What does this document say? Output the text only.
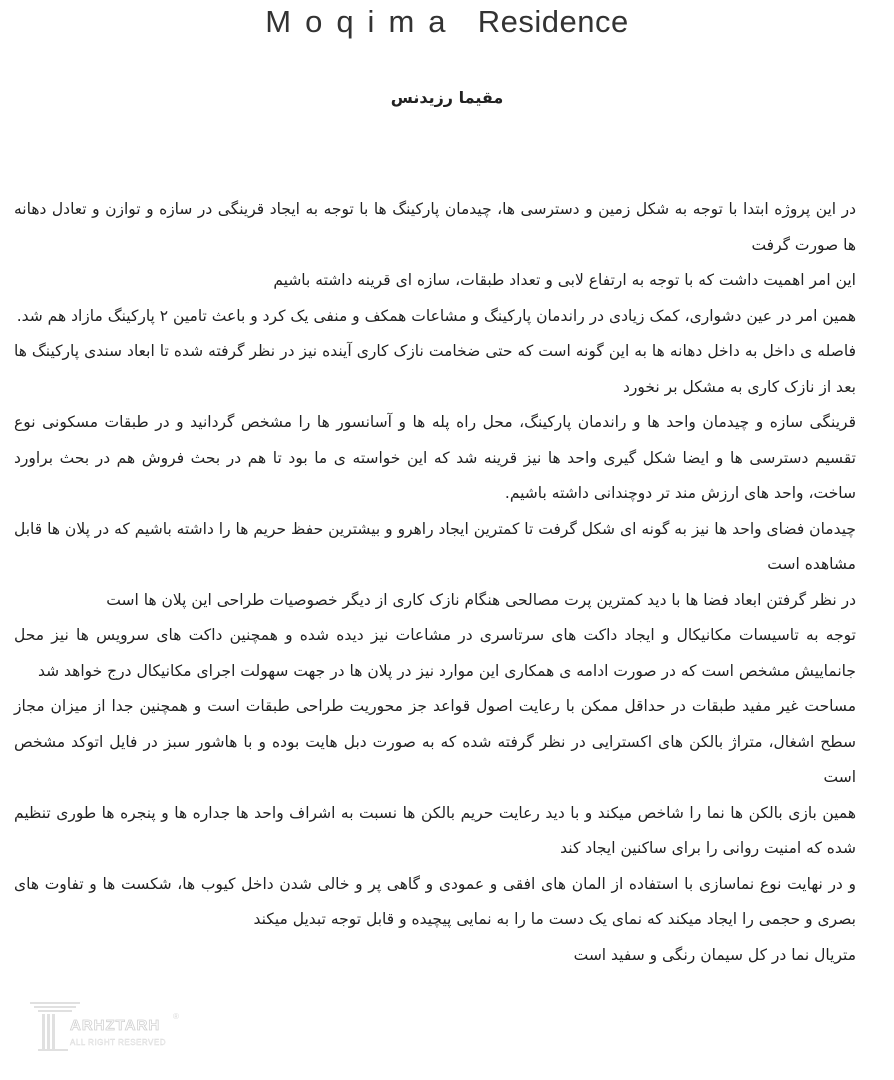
Moqima Residence
مقیما رزیدنس

در این پروژه ابتدا با توجه به شکل زمین و دسترسی ها، چیدمان پارکینگ ها با توجه به ایجاد قرینگی در سازه و توازن و تعادل دهانه ها صورت گرفت

این امر اهمیت داشت که با توجه به ارتفاع لابی و تعداد طبقات، سازه ای قرینه داشته باشیم

همین امر در عین دشواری، کمک زیادی در راندمان پارکینگ و مشاعات همکف و منفی یک کرد و باعث تامین ۲ پارکینگ مازاد هم شد.

فاصله ی داخل به داخل دهانه ها به این گونه است که حتی ضخامت نازک کاری آینده نیز در نظر گرفته شده تا ابعاد سندی پارکینگ ها بعد از نازک کاری به مشکل بر نخورد

قرینگی سازه و چیدمان واحد ها و راندمان پارکینگ، محل راه پله ها و آسانسور ها را مشخص گردانید و در طبقات مسکونی نوع تقسیم دسترسی ها و ایضا شکل گیری واحد ها نیز قرینه شد که این خواسته ی ما بود تا هم در بحث فروش هم در بحث براورد ساخت، واحد های ارزش مند تر دوچندانی داشته باشیم.

چیدمان فضای واحد ها نیز به گونه ای شکل گرفت تا کمترین ایجاد راهرو و بیشترین حفظ حریم ها را داشته باشیم که در پلان ها قابل مشاهده است

در نظر گرفتن ابعاد فضا ها با دید کمترین پرت مصالحی هنگام نازک کاری از دیگر خصوصیات طراحی این پلان ها است

توجه به تاسیسات مکانیکال و ایجاد داکت های سرتاسری در مشاعات نیز دیده شده و همچنین داکت های سرویس ها نیز محل جانماییش مشخص است که در صورت ادامه ی همکاری این موارد نیز در پلان ها در جهت سهولت اجرای مکانیکال درج خواهد شد

مساحت غیر مفید طبقات در حداقل ممکن با رعایت اصول قواعد جز محوریت طراحی طبقات است و همچنین جدا از میزان مجاز سطح اشغال، متراژ بالکن های اکسترایی در نظر گرفته شده که به صورت دبل هایت بوده و با هاشور سبز در فایل اتوکد مشخص است

همین بازی بالکن ها نما را شاخص میکند و با دید رعایت حریم بالکن ها نسبت به اشراف واحد ها جداره ها و پنجره ها طوری تنظیم شده که امنیت روانی را برای ساکنین ایجاد کند

و در نهایت نوع نماسازی با استفاده از المان های افقی و عمودی و گاهی پر و خالی شدن داخل کیوب ها، شکست ها و تفاوت های بصری و حجمی را ایجاد میکند که نمای یک دست ما را به نمایی پیچیده و قابل توجه تبدیل میکند

متریال نما در کل سیمان رنگی و سفید است

ARHZTARH
®
ALL RIGHT RESERVED
